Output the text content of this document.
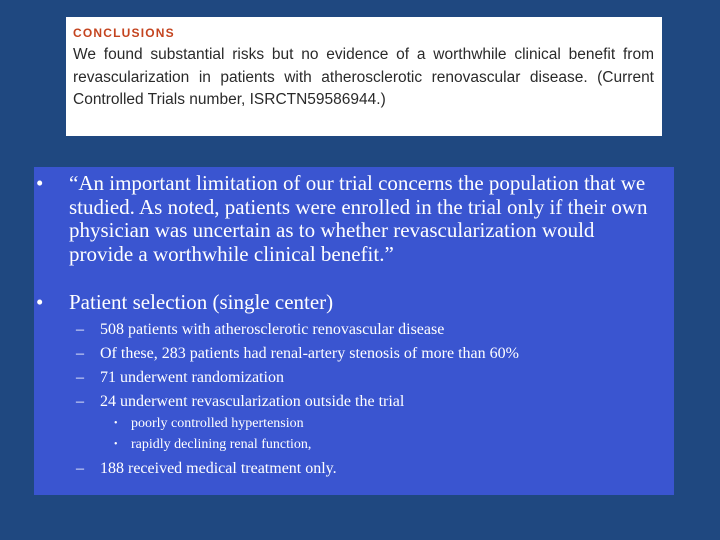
CONCLUSIONS
We found substantial risks but no evidence of a worthwhile clinical benefit from revascularization in patients with atherosclerotic renovascular disease. (Current Controlled Trials number, ISRCTN59586944.)
• “An important limitation of our trial concerns the population that we studied. As noted, patients were enrolled in the trial only if their own physician was uncertain as to whether revascularization would provide a worthwhile clinical benefit.”
• Patient selection (single center)
– 508 patients with atherosclerotic renovascular disease
– Of these, 283 patients had renal-artery stenosis of more than 60%
– 71 underwent randomization
– 24 underwent revascularization outside the trial
• poorly controlled hypertension
• rapidly declining renal function,
– 188 received medical treatment only.
